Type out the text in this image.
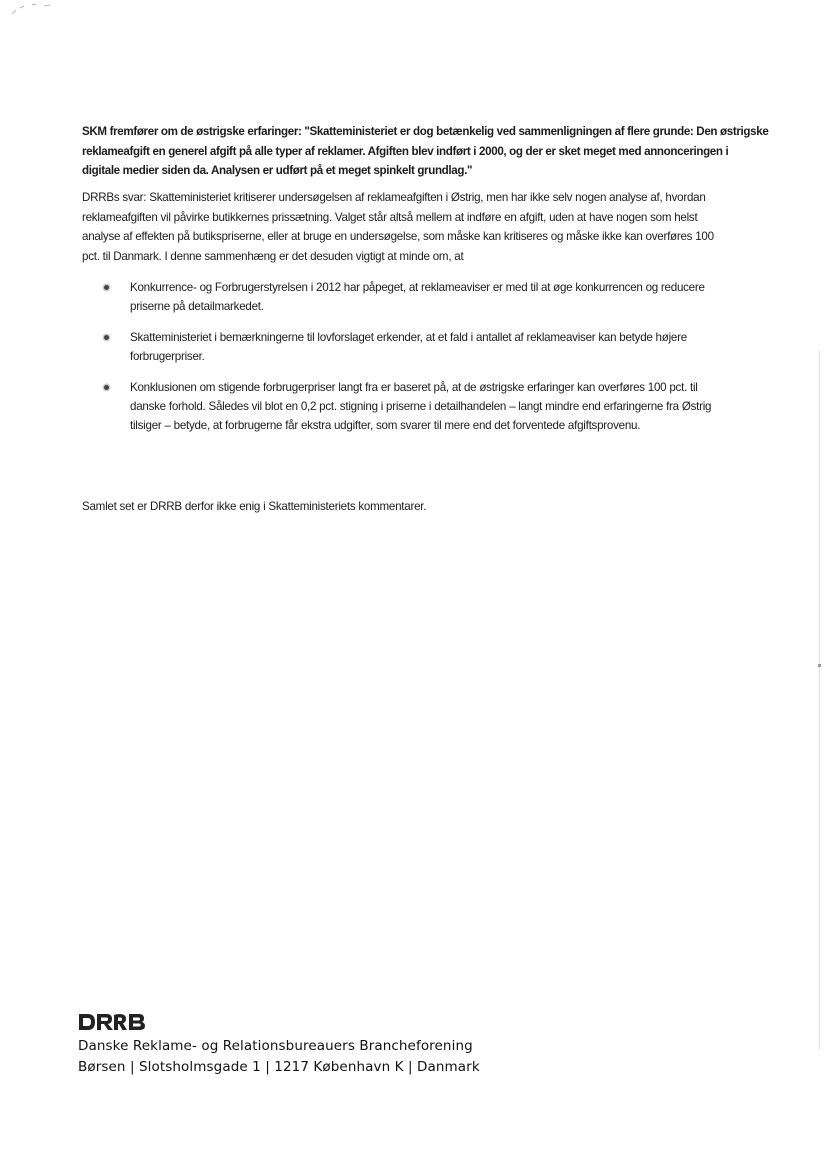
SKM fremfører om de østrigske erfaringer: "Skatteministeriet er dog betænkelig ved sammenligningen af flere grunde: Den østrigske
reklameafgift en generel afgift på alle typer af reklamer. Afgiften blev indført i 2000, og der er sket meget med annonceringen i
digitale medier siden da. Analysen er udført på et meget spinkelt grundlag."
DRRBs svar: Skatteministeriet kritiserer undersøgelsen af reklameafgiften i Østrig, men har ikke selv nogen analyse af, hvordan
reklameafgiften vil påvirke butikkernes prissætning. Valget står altså mellem at indføre en afgift, uden at have nogen som helst
analyse af effekten på butikspriserne, eller at bruge en undersøgelse, som måske kan kritiseres og måske ikke kan overføres 100
pct. til Danmark. I denne sammenhæng er det desuden vigtigt at minde om, at
Konkurrence- og Forbrugerstyrelsen i 2012 har påpeget, at reklameaviser er med til at øge konkurrencen og reducere
priserne på detailmarkedet.
Skatteministeriet i bemærkningerne til lovforslaget erkender, at et fald i antallet af reklameaviser kan betyde højere
forbrugerpriser.
Konklusionen om stigende forbrugerpriser langt fra er baseret på, at de østrigske erfaringer kan overføres 100 pct. til
danske forhold. Således vil blot en 0,2 pct. stigning i priserne i detailhandelen – langt mindre end erfaringerne fra Østrig
tilsiger – betyde, at forbrugerne får ekstra udgifter, som svarer til mere end det forventede afgiftsprovenu.
Samlet set er DRRB derfor ikke enig i Skatteministeriets kommentarer.
Danske Reklame- og Relationsbureauers Brancheforening
Børsen | Slotsholmsgade 1 | 1217 København K | Danmark
